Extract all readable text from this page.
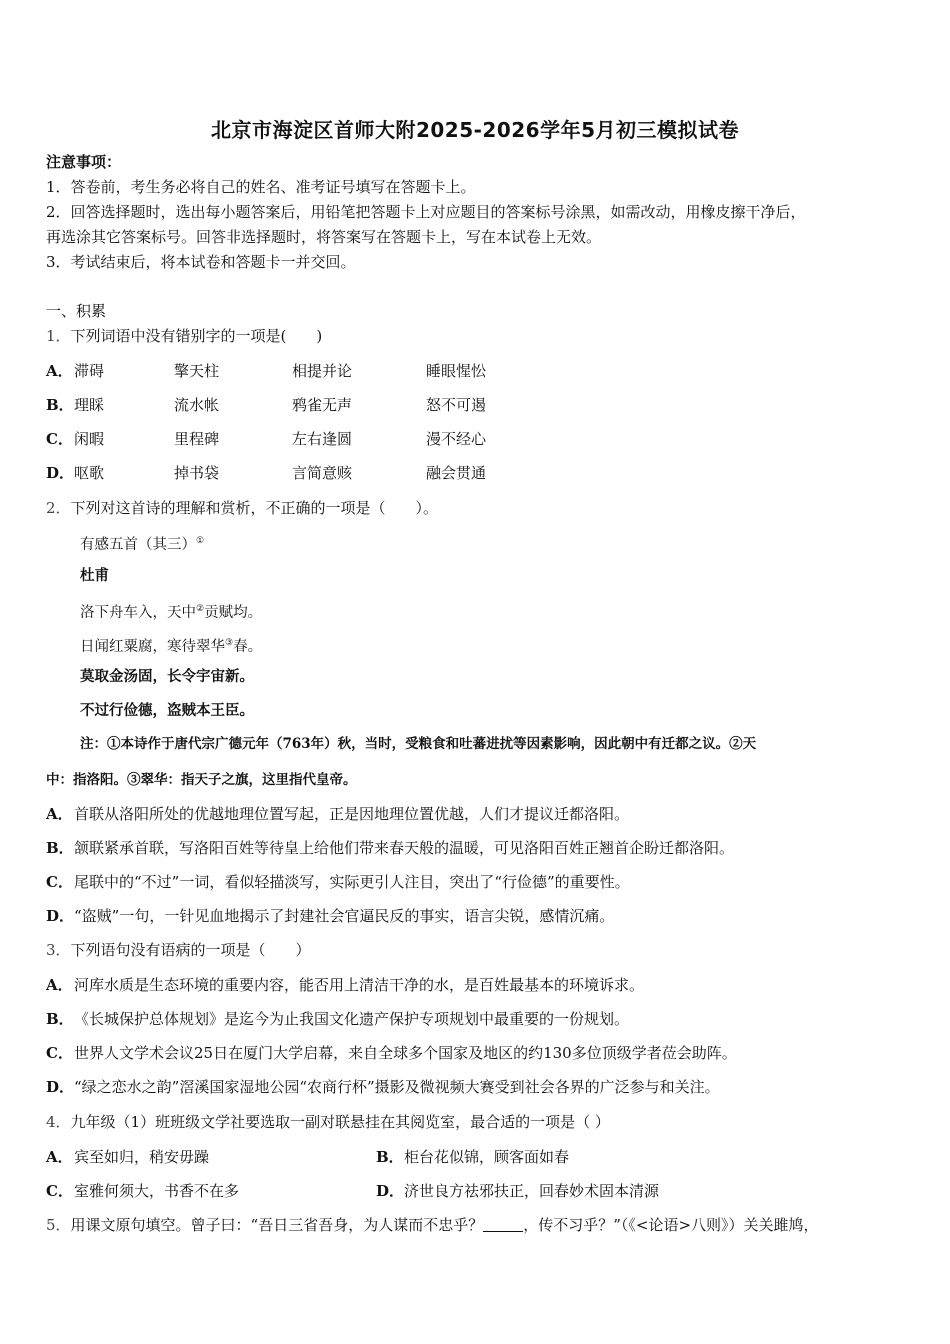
北京市海淀区首师大附2025-2026学年5月初三模拟试卷
注意事项：
1．答卷前，考生务必将自己的姓名、准考证号填写在答题卡上。
2．回答选择题时，选出每小题答案后，用铅笔把答题卡上对应题目的答案标号涂黑，如需改动，用橡皮擦干净后，
再选涂其它答案标号。回答非选择题时，将答案写在答题卡上，写在本试卷上无效。
3．考试结束后，将本试卷和答题卡一并交回。
一、积累
1．下列词语中没有错别字的一项是(　　)
A． 滞碍	擎天柱	相提并论	睡眼惺忪
B． 理睬	流水帐	鸦雀无声	怒不可遏
C． 闲暇	里程碑	左右逢圆	漫不经心
D． 呕歌	掉书袋	言简意赅	融会贯通
2．下列对这首诗的理解和赏析，不正确的一项是（　　）。
有感五首（其三）①
杜甫
洛下舟车入，天中②贡赋均。
日闻红粟腐，寒待翠华③春。
莫取金汤固，长令宇宙新。
不过行俭德，盗贼本王臣。
注：①本诗作于唐代宗广德元年（763年）秋，当时，受粮食和吐蕃进扰等因素影响，因此朝中有迁都之议。②天
中：指洛阳。③翠华：指天子之旗，这里指代皇帝。
A．首联从洛阳所处的优越地理位置写起，正是因地理位置优越，人们才提议迁都洛阳。
B．颔联紧承首联，写洛阳百姓等待皇上给他们带来春天般的温暖，可见洛阳百姓正翘首企盼迁都洛阳。
C．尾联中的“不过”一词，看似轻描淡写，实际更引人注目，突出了“行俭德”的重要性。
D．“盗贼”一句，一针见血地揭示了封建社会官逼民反的事实，语言尖锐，感情沉痛。
3．下列语句没有语病的一项是（　　）
A．河库水质是生态环境的重要内容，能否用上清洁干净的水，是百姓最基本的环境诉求。
B．《长城保护总体规划》是迄今为止我国文化遗产保护专项规划中最重要的一份规划。
C．世界人文学术会议25日在厦门大学启幕，来自全球多个国家及地区的约130多位顶级学者莅会助阵。
D．“绿之恋水之韵”滘溪国家湿地公园“农商行杯”摄影及微视频大赛受到社会各界的广泛参与和关注。
4．九年级（1）班班级文学社要选取一副对联悬挂在其阅览室，最合适的一项是（ ）
A．宾至如归，稍安毋躁	B．柜台花似锦，顾客面如春
C．室雅何须大，书香不在多	D．济世良方祛邪扶正，回春妙术固本清源
5．用课文原句填空。曾子曰：“吾日三省吾身，为人谋而不忠乎？	，传不习乎？”（《<论语>八则》）关关雎鸠，
